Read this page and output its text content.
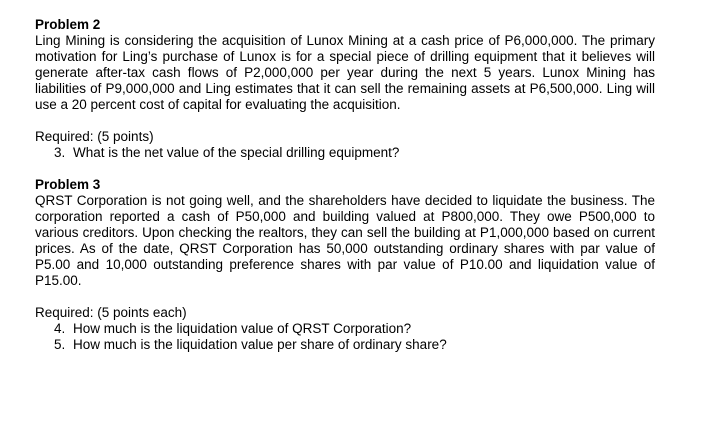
Problem 2

Ling Mining is considering the acquisition of Lunox Mining at a cash price of P6,000,000. The primary motivation for Ling’s purchase of Lunox is for a special piece of drilling equipment that it believes will generate after-tax cash flows of P2,000,000 per year during the next 5 years. Lunox Mining has liabilities of P9,000,000 and Ling estimates that it can sell the remaining assets at P6,500,000. Ling will use a 20 percent cost of capital for evaluating the acquisition.

Required: (5 points)

3. What is the net value of the special drilling equipment?

Problem 3

QRST Corporation is not going well, and the shareholders have decided to liquidate the business. The corporation reported a cash of P50,000 and building valued at P800,000. They owe P500,000 to various creditors. Upon checking the realtors, they can sell the building at P1,000,000 based on current prices. As of the date, QRST Corporation has 50,000 outstanding ordinary shares with par value of P5.00 and 10,000 outstanding preference shares with par value of P10.00 and liquidation value of P15.00.

Required: (5 points each)

4. How much is the liquidation value of QRST Corporation?
5. How much is the liquidation value per share of ordinary share?
